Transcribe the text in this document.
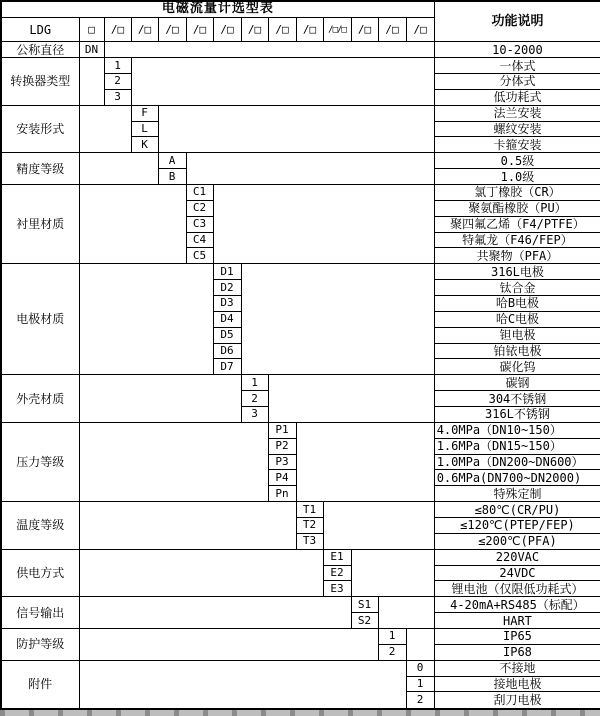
电磁流量计选型表														功能说明
LDG	□	/□	/□	/□	/□	/□	/□	/□	/□	/□/□	/□	/□	/□	
公称直径	DN													10-2000
转换器类型		1												一体式
		2												分体式
		3												低功耗式
安装形式			F											法兰安装
			L											螺纹安装
			K											卡箍安装
精度等级				A										0.5级
				B										1.0级
衬里材质					C1									氯丁橡胶（CR）
					C2									聚氨酯橡胶（PU）
					C3									聚四氟乙烯（F4/PTFE）
					C4									特氟龙（F46/FEP）
					C5									共聚物（PFA）
电极材质						D1								316L电极
						D2								钛合金
						D3								哈B电极
						D4								哈C电极
						D5								钽电极
						D6								铂铱电极
						D7								碳化钨
外壳材质							1							碳钢
							2							304不锈钢
							3							316L不锈钢
压力等级								P1						4.0MPa（DN10~150）
								P2						1.6MPa（DN15~150）
								P3						1.0MPa（DN200~DN600）
								P4						0.6MPa(DN700~DN2000)
								Pn						特殊定制
温度等级									T1					≤80℃(CR/PU)
									T2					≤120℃(PTEP/FEP)
									T3					≤200℃(PFA)
供电方式										E1				220VAC
										E2				24VDC
										E3				锂电池（仅限低功耗式）
信号输出											S1			4-20mA+RS485（标配）
											S2			HART
防护等级												1		IP65
												2		IP68
附件													0	不接地
													1	接地电极
													2	刮刀电极
